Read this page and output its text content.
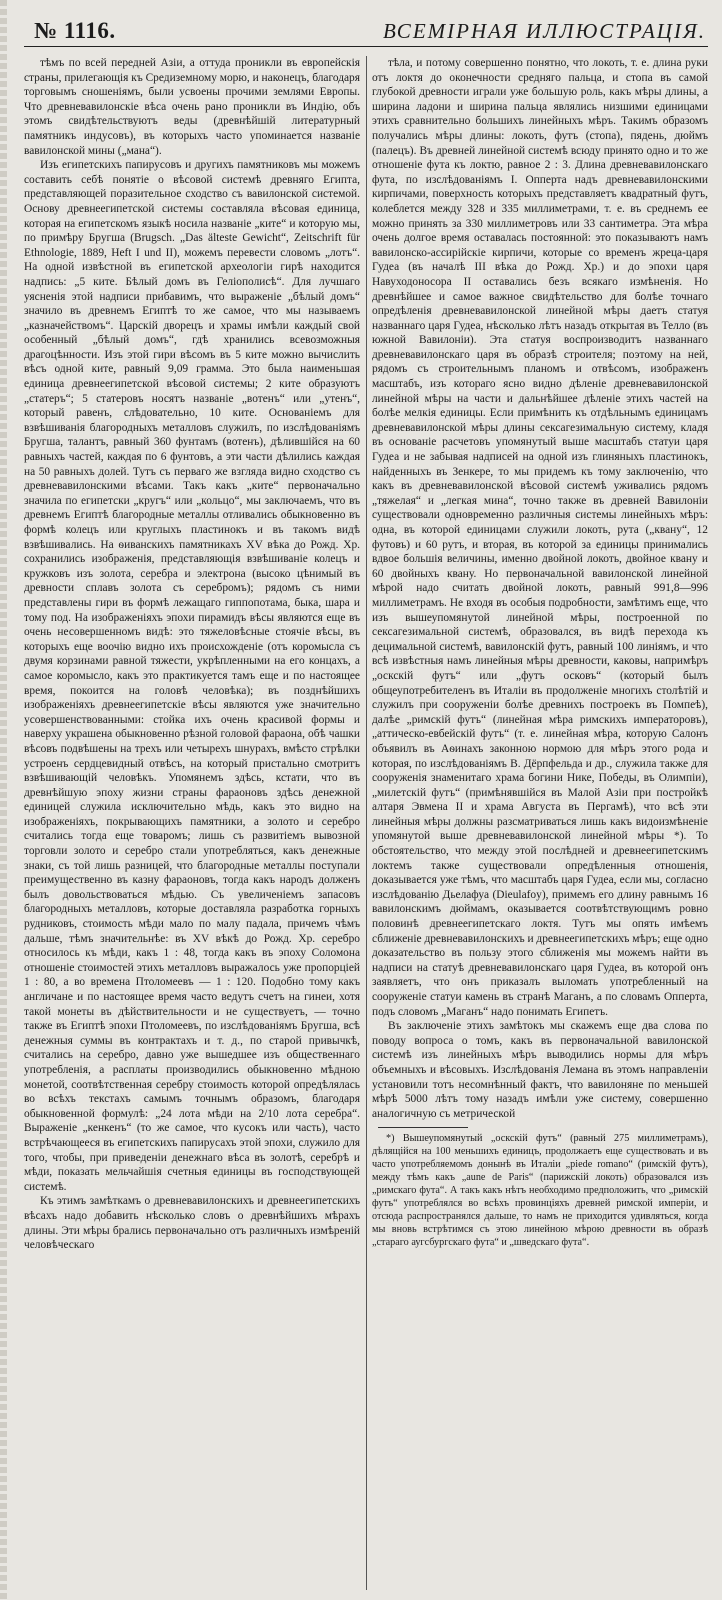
№ 1116.	ВСЕМІРНАЯ ИЛЛЮСТРАЦІЯ.

тѣмъ по всей передней Азіи, а оттуда проникли въ европейскія страны, прилегающія къ Средиземному морю, и наконецъ, благодаря торговымъ сношеніямъ, были усвоены прочими землями Европы. Что древневавилонскіе вѣса очень рано проникли въ Индію, объ этомъ свидѣтельствуютъ веды (древнѣйшій литературный памятникъ индусовъ), въ которыхъ часто упоминается названіе вавилонской мины („мана“).

Изъ египетскихъ папирусовъ и другихъ памятниковъ мы можемъ составить себѣ понятіе о вѣсовой системѣ древняго Египта, представляющей поразительное сходство съ вавилонской системой. Основу древнеегипетской системы составляла вѣсовая единица, которая на египетскомъ языкѣ носила названіе „ките“ и которую мы, по примѣру Бругша (Brugsch. „Das älteste Gewicht“, Zeitschrift für Ethnologie, 1889, Heft I und II), можемъ перевести словомъ „лотъ“. На одной извѣстной въ египетской археологіи гирѣ находится надпись: „5 ките. Бѣлый домъ въ Геліополисѣ“. Для лучшаго уясненія этой надписи прибавимъ, что выраженіе „бѣлый домъ“ значило въ древнемъ Египтѣ то же самое, что мы называемъ „казначействомъ“. Царскій дворецъ и храмы имѣли каждый свой особенный „бѣлый домъ“, гдѣ хранились всевозможныя драгоцѣнности. Изъ этой гири вѣсомъ въ 5 ките можно вычислить вѣсъ одной ките, равный 9,09 грамма. Это была наименьшая единица древнеегипетской вѣсовой системы; 2 ките образуютъ „статеръ“; 5 статеровъ носятъ названіе „вотенъ“ или „утенъ“, который равенъ, слѣдовательно, 10 ките. Основаніемъ для взвѣшиванія благородныхъ металловъ служилъ, по изслѣдованіямъ Бругша, талантъ, равный 360 фунтамъ (вотенъ), дѣлившійся на 60 равныхъ частей, каждая по 6 фунтовъ, а эти части дѣлились каждая на 50 равныхъ долей. Тутъ съ перваго же взгляда видно сходство съ древневавилонскими вѣсами. Такъ какъ „ките“ первоначально значила по египетски „кругъ“ или „кольцо“, мы заключаемъ, что въ древнемъ Египтѣ благородные металлы отливались обыкновенно въ формѣ колецъ или круглыхъ пластинокъ и въ такомъ видѣ взвѣшивались. На ѳиванскихъ памятникахъ XV вѣка до Рожд. Хр. сохранились изображенія, представляющія взвѣшиваніе колецъ и кружковъ изъ золота, серебра и электрона (высоко цѣнимый въ древности сплавъ золота съ серебромъ); рядомъ съ ними представлены гири въ формѣ лежащаго гиппопотама, быка, шара и тому под. На изображеніяхъ эпохи пирамидъ вѣсы являются еще въ очень несовершенномъ видѣ: это тяжеловѣсные стоячіе вѣсы, въ которыхъ еще воочію видно ихъ происхожденіе (отъ коромысла съ двумя корзинами равной тяжести, укрѣпленными на его концахъ, а самое коромысло, какъ это практикуется тамъ еще и по настоящее время, покоится на головѣ человѣка); въ позднѣйшихъ изображеніяхъ древнеегипетскіе вѣсы являются уже значительно усовершенствованными: стойка ихъ очень красивой формы и наверху украшена обыкновенно рѣзной головой фараона, обѣ чашки вѣсовъ подвѣшены на трехъ или четырехъ шнурахъ, вмѣсто стрѣлки устроенъ сердцевидный отвѣсъ, на который пристально смотритъ взвѣшивающій человѣкъ. Упомянемъ здѣсь, кстати, что въ древнѣйшую эпоху жизни страны фараоновъ здѣсь денежной единицей служила исключительно мѣдь, какъ это видно на изображеніяхъ, покрывающихъ памятники, а золото и серебро считались тогда еще товаромъ; лишь съ развитіемъ вывозной торговли золото и серебро стали употребляться, какъ денежные знаки, съ той лишь разницей, что благородные металлы поступали преимущественно въ казну фараоновъ, тогда какъ народъ долженъ былъ довольствоваться мѣдью. Съ увеличеніемъ запасовъ благородныхъ металловъ, которые доставляла разработка горныхъ рудниковъ, стоимость мѣди мало по малу падала, причемъ чѣмъ дальше, тѣмъ значительнѣе: въ XV вѣкѣ до Рожд. Хр. серебро относилось къ мѣди, какъ 1 : 48, тогда какъ въ эпоху Соломона отношеніе стоимостей этихъ металловъ выражалось уже пропорціей 1 : 80, а во времена Птоломеевъ — 1 : 120. Подобно тому какъ англичане и по настоящее время часто ведутъ счетъ на гинеи, хотя такой монеты въ дѣйствительности и не существуетъ, — точно также въ Египтѣ эпохи Птоломеевъ, по изслѣдованіямъ Бругша, всѣ денежныя суммы въ контрактахъ и т. д., по старой привычкѣ, считались на серебро, давно уже вышедшее изъ общественнаго употребленія, а расплаты производились обыкновенно мѣдною монетой, соотвѣтственная серебру стоимость которой опредѣлялась во всѣхъ текстахъ самымъ точнымъ образомъ, благодаря обыкновенной формулѣ: „24 лота мѣди на 2/10 лота серебра“. Выраженіе „кенкенъ“ (то же самое, что кусокъ или часть), часто встрѣчающееся въ египетскихъ папирусахъ этой эпохи, служило для того, чтобы, при приведеніи денежнаго вѣса въ золотѣ, серебрѣ и мѣди, показать мельчайшія счетныя единицы въ господствующей системѣ.

Къ этимъ замѣткамъ о древневавилонскихъ и древнеегипетскихъ вѣсахъ надо добавить нѣсколько словъ о древнѣйшихъ мѣрахъ длины. Эти мѣры брались первоначально отъ различныхъ измѣреній человѣческаго

тѣла, и потому совершенно понятно, что локоть, т. е. длина руки отъ локтя до оконечности средняго пальца, и стопа въ самой глубокой древности играли уже большую роль, какъ мѣры длины, а ширина ладони и ширина пальца являлись низшими единицами этихъ сравнительно большихъ линейныхъ мѣръ. Такимъ образомъ получались мѣры длины: локоть, футъ (стопа), пядень, дюймъ (палецъ). Въ древней линейной системѣ всюду принято одно и то же отношеніе фута къ локтю, равное 2 : 3. Длина древневавилонскаго фута, по изслѣдованіямъ І. Опперта надъ древневавилонскими кирпичами, поверхность которыхъ представляетъ квадратный футъ, колеблется между 328 и 335 миллиметрами, т. е. въ среднемъ ее можно принять за 330 миллиметровъ или 33 сантиметра. Эта мѣра очень долгое время оставалась постоянной: это показываютъ намъ вавилонско-ассирійскіе кирпичи, которые со временъ жреца-царя Гудеа (въ началѣ III вѣка до Рожд. Хр.) и до эпохи царя Навуходоносора II оставались безъ всякаго измѣненія. Но древнѣйшее и самое важное свидѣтельство для болѣе точнаго опредѣленія древневавилонской линейной мѣры даетъ статуя названнаго царя Гудеа, нѣсколько лѣтъ назадъ открытая въ Телло (въ южной Вавилоніи). Эта статуя воспроизводитъ названнаго древневавилонскаго царя въ образѣ строителя; поэтому на ней, рядомъ съ строительнымъ планомъ и отвѣсомъ, изображенъ масштабъ, изъ котораго ясно видно дѣленіе древневавилонской линейной мѣры на части и дальнѣйшее дѣленіе этихъ частей на болѣе мелкія единицы. Если примѣнить къ отдѣльнымъ единицамъ древневавилонской мѣры длины сексагезимальную систему, кладя въ основаніе расчетовъ упомянутый выше масштабъ статуи царя Гудеа и не забывая надписей на одной изъ глиняныхъ пластинокъ, найденныхъ въ Зенкере, то мы придемъ къ тому заключенію, что какъ въ древневавилонской вѣсовой системѣ уживались рядомъ „тяжелая“ и „легкая мина“, точно также въ древней Вавилоніи существовали одновременно различныя системы линейныхъ мѣръ: одна, въ которой единицами служили локоть, рута („квану“, 12 футовъ) и 60 рутъ, и вторая, въ которой за единицы принимались вдвое большія величины, именно двойной локоть, двойное квану и 60 двойныхъ квану. Но первоначальной вавилонской линейной мѣрой надо считать двойной локоть, равный 991,8—996 миллиметрамъ. Не входя въ особыя подробности, замѣтимъ еще, что изъ вышеупомянутой линейной мѣры, построенной по сексагезимальной системѣ, образовался, въ видѣ перехода къ децимальной системѣ, вавилонскій футъ, равный 100 линіямъ, и что всѣ извѣстныя намъ линейныя мѣры древности, каковы, напримѣръ „оскскій футъ“ или „футъ осковъ“ (который былъ общеупотребителенъ въ Италіи въ продолженіе многихъ столѣтій и служилъ при сооруженіи болѣе древнихъ построекъ въ Помпеѣ), далѣе „римскій футъ“ (линейная мѣра римскихъ императоровъ), „аттическо-евбейскій футъ“ (т. е. линейная мѣра, которую Салонъ объявилъ въ Аѳинахъ законною нормою для мѣръ этого рода и которая, по изслѣдованіямъ В. Дёрпфельда и др., служила также для сооруженія знаменитаго храма богини Нике, Победы, въ Олимпіи), „милетскій футъ“ (примѣнявшійся въ Малой Азіи при постройкѣ алтаря Эвмена II и храма Августа въ Пергамѣ), что всѣ эти линейныя мѣры должны разсматриваться лишь какъ видоизмѣненіе упомянутой выше древневавилонской линейной мѣры *). То обстоятельство, что между этой послѣдней и древнеегипетскимъ локтемъ также существовали опредѣленныя отношенія, доказывается уже тѣмъ, что масштабъ царя Гудеа, если мы, согласно изслѣдованію Дьелафуа (Dieulafoy), примемъ его длину равнымъ 16 вавилонскимъ дюймамъ, оказывается соотвѣтствующимъ ровно половинѣ древнеегипетскаго локтя. Тутъ мы опять имѣемъ сближеніе древневавилонскихъ и древнеегипетскихъ мѣръ; еще одно доказательство въ пользу этого сближенія мы можемъ найти въ надписи на статуѣ древневавилонскаго царя Гудеа, въ которой онъ заявляетъ, что онъ приказалъ выломать употребленный на сооруженіе статуи камень въ странѣ Маганъ, а по словамъ Опперта, подъ словомъ „Маганъ“ надо понимать Египетъ.

Въ заключеніе этихъ замѣтокъ мы скажемъ еще два слова по поводу вопроса о томъ, какъ въ первоначальной вавилонской системѣ изъ линейныхъ мѣръ выводились нормы для мѣръ объемныхъ и вѣсовыхъ. Изслѣдованія Лемана въ этомъ направленіи установили тотъ несомнѣнный фактъ, что вавилоняне по меньшей мѣрѣ 5000 лѣтъ тому назадъ имѣли уже систему, совершенно аналогичную съ метрической

*) Вышеупомянутый „оскскій футъ“ (равный 275 миллиметрамъ), дѣлящійся на 100 меньшихъ единицъ, продолжаетъ еще существовать и въ часто употребляемомъ донынѣ въ Италіи „piede romano“ (римскій футъ), между тѣмъ какъ „aune de Paris“ (парижскій локоть) образовался изъ „римскаго фута“. А такъ какъ нѣтъ необходимо предположить, что „римскій футъ“ употреблялся во всѣхъ провинціяхъ древней римской имперіи, и отсюда распространялся дальше, то намъ не приходится удивляться, когда мы вновь встрѣтимся съ этою линейною мѣрою древности въ образѣ „стараго аугсбургскаго фута“ и „шведскаго фута“.
